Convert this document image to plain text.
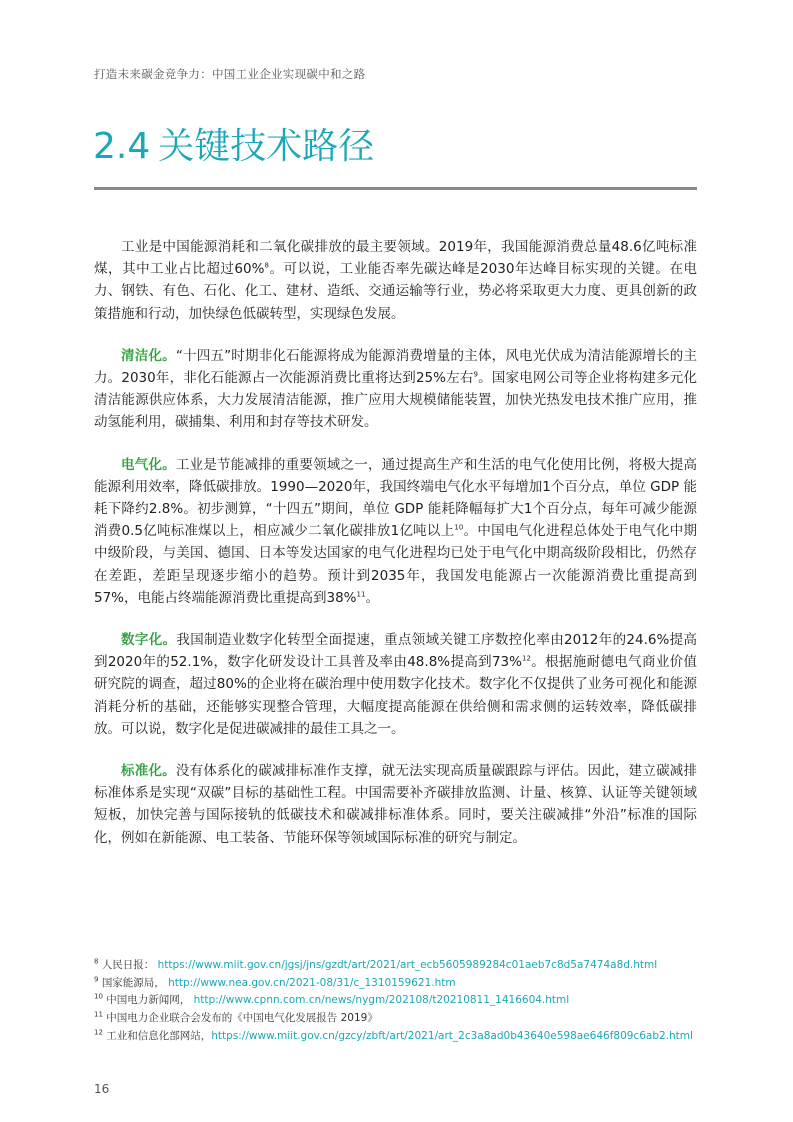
打造未来碳金竞争力：中国工业企业实现碳中和之路
2.4 关键技术路径

工业是中国能源消耗和二氧化碳排放的最主要领域。2019年，我国能源消费总量48.6亿吨标准煤，其中工业占比超过60%$^8$。可以说，工业能否率先碳达峰是2030年达峰目标实现的关键。在电力、钢铁、有色、石化、化工、建材、造纸、交通运输等行业，势必将采取更大力度、更具创新的政策措施和行动，加快绿色低碳转型，实现绿色发展。

清洁化。“十四五”时期非化石能源将成为能源消费增量的主体，风电光伏成为清洁能源增长的主力。2030年，非化石能源占一次能源消费比重将达到25%左右$^9$。国家电网公司等企业将构建多元化清洁能源供应体系，大力发展清洁能源，推广应用大规模储能装置，加快光热发电技术推广应用，推动氢能利用，碳捕集、利用和封存等技术研发。

电气化。工业是节能减排的重要领域之一，通过提高生产和生活的电气化使用比例，将极大提高能源利用效率，降低碳排放。1990—2020年，我国终端电气化水平每增加1个百分点，单位 GDP 能耗下降约2.8%。初步测算，“十四五”期间，单位 GDP 能耗降幅每扩大1个百分点，每年可减少能源消费0.5亿吨标准煤以上，相应减少二氧化碳排放1亿吨以上$^{10}$。中国电气化进程总体处于电气化中期中级阶段，与美国、德国、日本等发达国家的电气化进程均已处于电气化中期高级阶段相比，仍然存在差距，差距呈现逐步缩小的趋势。预计到2035年，我国发电能源占一次能源消费比重提高到57%，电能占终端能源消费比重提高到38%$^{11}$。

数字化。我国制造业数字化转型全面提速，重点领域关键工序数控化率由2012年的24.6%提高到2020年的52.1%，数字化研发设计工具普及率由48.8%提高到73%$^{12}$。根据施耐德电气商业价值研究院的调查，超过80%的企业将在碳治理中使用数字化技术。数字化不仅提供了业务可视化和能源消耗分析的基础，还能够实现整合管理，大幅度提高能源在供给侧和需求侧的运转效率，降低碳排放。可以说，数字化是促进碳减排的最佳工具之一。

标准化。没有体系化的碳减排标准作支撑，就无法实现高质量碳跟踪与评估。因此，建立碳减排标准体系是实现“双碳”目标的基础性工程。中国需要补齐碳排放监测、计量、核算、认证等关键领域短板，加快完善与国际接轨的低碳技术和碳减排标准体系。同时，要关注碳减排“外沿”标准的国际化，例如在新能源、电工装备、节能环保等领域国际标准的研究与制定。

$^8$ 人民日报： https://www.miit.gov.cn/jgsj/jns/gzdt/art/2021/art_ecb5605989284c01aeb7c8d5a7474a8d.html
$^9$ 国家能源局， http://www.nea.gov.cn/2021-08/31/c_1310159621.htm
$^{10}$ 中国电力新闻网， http://www.cpnn.com.cn/news/nygm/202108/t20210811_1416604.html
$^{11}$ 中国电力企业联合会发布的《中国电气化发展报告 2019》
$^{12}$ 工业和信息化部网站，https://www.miit.gov.cn/gzcy/zbft/art/2021/art_2c3a8ad0b43640e598ae646f809c6ab2.html
16
